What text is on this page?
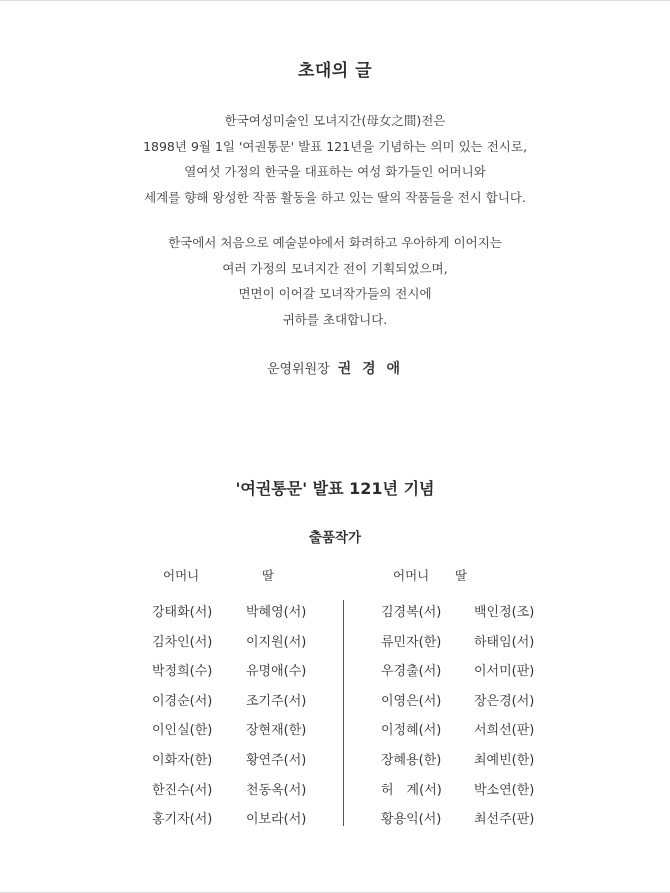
초대의 글
한국여성미술인 모녀지간(母女之間)전은
1898년 9월 1일 '여권통문' 발표 121년을 기념하는 의미 있는 전시로,
열여섯 가정의 한국을 대표하는 여성 화가들인 어머니와
세계를 향해 왕성한 작품 활동을 하고 있는 딸의 작품들을 전시 합니다.
한국에서 처음으로 예술분야에서 화려하고 우아하게 이어지는
여러 가정의 모녀지간 전이 기획되었으며,
면면이 이어갈 모녀작가들의 전시에
귀하를 초대합니다.
운영위원장 권 경 애
'여권통문' 발표 121년 기념
출품작가
어머니	딸	어머니 딸
강태화(서)	박혜영(서)	김경복(서)	백인정(조)
김차인(서)	이지원(서)	류민자(한)	하태임(서)
박정희(수)	유명애(수)	우경출(서)	이서미(판)
이경순(서)	조기주(서)	이영은(서)	장은경(서)
이인실(한)	장현재(한)	이정혜(서)	서희선(판)
이화자(한)	황연주(서)	장혜용(한)	최예빈(한)
한진수(서)	천동옥(서)	허　계(서) 박소연(한)
홍기자(서)	이보라(서)	황용익(서)	최선주(판)
